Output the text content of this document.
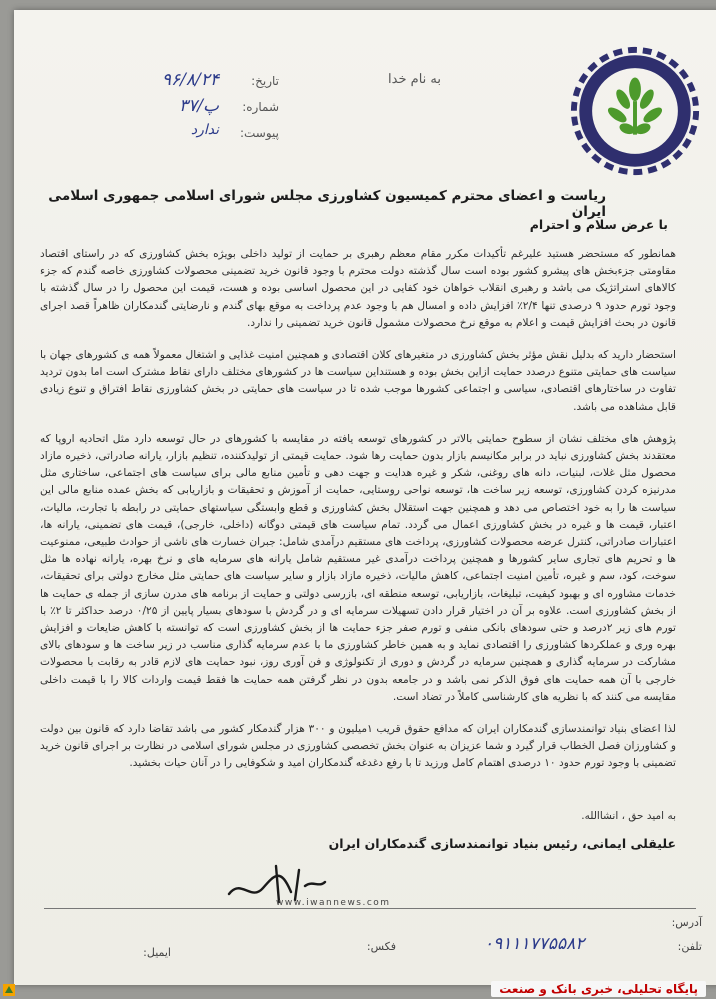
به نام خدا
تاریخ:
۹۶/۸/۲۴
شماره:
۳۷/پ
پیوست:
ندارد
ریاست و اعضای محترم کمیسیون کشاورزی مجلس شورای اسلامی جمهوری اسلامی ایران
با عرض سلام و احترام

همانطور که مستحضر هستید علیرغم تأکیدات مکرر مقام معظم رهبری بر حمایت از تولید داخلی بویژه بخش کشاورزی که در راستای اقتصاد مقاومتی جزءبخش های پیشرو کشور بوده است سال گذشته دولت محترم با وجود قانون خرید تضمینی محصولات کشاورزی خاصه گندم که جزء کالاهای استراتژیک می باشد و رهبری انقلاب خواهان خود کفایی در این محصول اساسی بوده و هست، قیمت این محصول را در سال گذشته با وجود تورم حدود ۹ درصدی تنها ۲/۴٪ افزایش داده و امسال هم با وجود عدم پرداخت به موقع بهای گندم و نارضایتی گندمکاران ظاهراً قصد اجرای قانون در بحث افزایش قیمت و اعلام به موقع نرخ محصولات مشمول قانون خرید تضمینی را ندارد.

استحضار دارید که بدلیل نقش مؤثر بخش کشاورزی در متغیرهای کلان اقتصادی و همچنین امنیت غذایی و اشتغال معمولاً همه ی کشورهای جهان با سیاست های حمایتی متنوع درصدد حمایت ازاین بخش بوده و هستنداین سیاست ها در کشورهای مختلف دارای نقاط مشترک است اما بدون تردید تفاوت در ساختارهای اقتصادی، سیاسی و اجتماعی کشورها موجب شده تا در سیاست های حمایتی در بخش کشاورزی نقاط افتراق و تنوع زیادی قابل مشاهده می باشد.

پژوهش های مختلف نشان از سطوح حمایتی بالاتر در کشورهای توسعه یافته در مقایسه با کشورهای در حال توسعه دارد مثل اتحادیه اروپا که معتقدند بخش کشاورزی نباید در برابر مکانیسم بازار بدون حمایت رها شود. حمایت قیمتی از تولیدکننده، تنظیم بازار، یارانه صادراتی، ذخیره مازاد محصول مثل غلات، لبنیات، دانه های روغنی، شکر و غیره هدایت و جهت دهی و تأمین منابع مالی برای سیاست های اجتماعی، ساختاری مثل مدرنیزه کردن کشاورزی، توسعه زیر ساخت ها، توسعه نواحی روستایی، حمایت از آموزش و تحقیقات و بازاریابی که بخش عمده منابع مالی این سیاست ها را به خود اختصاص می دهد و همچنین جهت استقلال بخش کشاورزی و قطع وابستگی سیاستهای حمایتی در رابطه با تجارت، مالیات، اعتبار، قیمت ها و غیره در بخش کشاورزی اعمال می گردد. تمام سیاست های قیمتی دوگانه (داخلی، خارجی)، قیمت های تضمینی، یارانه ها، اعتبارات صادراتی، کنترل عرضه محصولات کشاورزی، پرداخت های مستقیم درآمدی شامل: جبران خسارت های ناشی از حوادث طبیعی، ممنوعیت ها و تحریم های تجاری سایر کشورها و همچنین پرداخت درآمدی غیر مستقیم شامل یارانه های سرمایه های و نرخ بهره، یارانه نهاده ها مثل سوخت، کود، سم و غیره، تأمین امنیت اجتماعی، کاهش مالیات، ذخیره مازاد بازار و سایر سیاست های حمایتی مثل مخارج دولتی برای تحقیقات، خدمات مشاوره ای و بهبود کیفیت، تبلیغات، بازاریابی، توسعه منطقه ای، بازرسی دولتی و حمایت از برنامه های مدرن سازی از جمله ی حمایت ها از بخش کشاورزی است. علاوه بر آن در اختیار قرار دادن تسهیلات سرمایه ای و در گردش با سودهای بسیار پایین از ۰/۲۵ درصد حداکثر تا ۲٪ با تورم های زیر ۲درصد و حتی سودهای بانکی منفی و تورم صفر جزء حمایت ها از بخش کشاورزی است که توانسته با کاهش ضایعات و افزایش بهره وری و عملکردها کشاورزی را اقتصادی نماید و به همین خاطر کشاورزی ما با عدم سرمایه گذاری مناسب در زیر ساخت ها و سودهای بالای مشارکت در سرمایه گذاری و همچنین سرمایه در گردش و دوری از تکنولوژی و فن آوری روز، نبود حمایت های لازم قادر به رقابت با محصولات خارجی با آن همه حمایت های فوق الذکر نمی باشد و در جامعه بدون در نظر گرفتن همه حمایت ها فقط قیمت واردات کالا را با قیمت داخلی مقایسه می کنند که با نظریه های کارشناسی کاملاً در تضاد است.

لذا اعضای بنیاد توانمندسازی گندمکاران ایران که مدافع حقوق قریب ۱میلیون و ۳۰۰ هزار گندمکار کشور می باشد تقاضا دارد که قانون بین دولت و کشاورزان فصل الخطاب قرار گیرد و شما عزیزان به عنوان بخش تخصصی کشاورزی در مجلس شورای اسلامی در نظارت بر اجرای قانون خرید تضمینی با وجود تورم حدود ۱۰ درصدی اهتمام کامل ورزید تا با رفع دغدغه گندمکاران امید و شکوفایی را در آنان حیات بخشید.

علیقلی ایمانی، رئیس بنیاد توانمندسازی گندمکاران ایران
به امید حق ، انشاالله.
www.iwannews.com
آدرس:
تلفن:
۰۹۱۱۱۷۷۵۵۸۲
فکس:
ایمیل:
پایگاه تحلیلی، خبری بانک و صنعت
